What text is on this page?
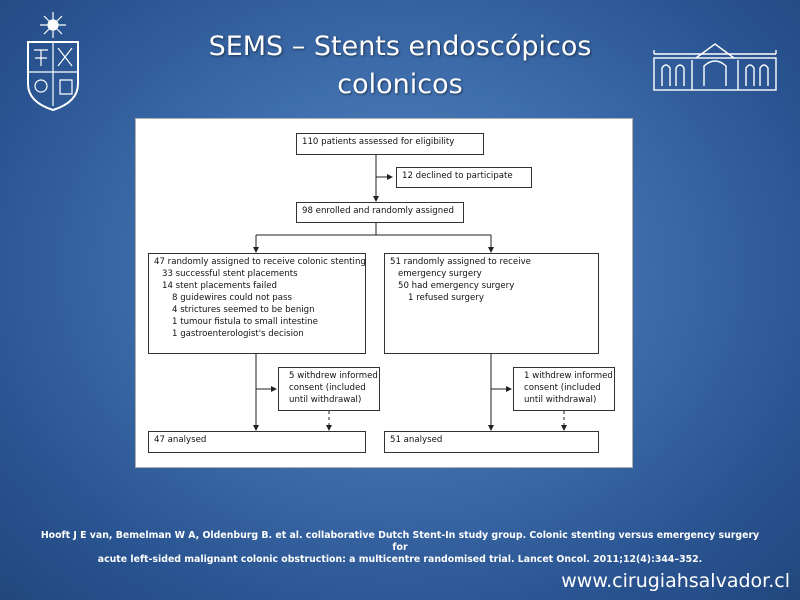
SEMS – Stents endoscópicos
colonicos
110 patients assessed for eligibility
12 declined to participate
98 enrolled and randomly assigned
47 randomly assigned to receive colonic stenting
33 successful stent placements
14 stent placements failed
8 guidewires could not pass
4 strictures seemed to be benign
1 tumour fistula to small intestine
1 gastroenterologist's decision
51 randomly assigned to receive
emergency surgery
50 had emergency surgery
1 refused surgery
5 withdrew informed
consent (included
until withdrawal)
1 withdrew informed
consent (included
until withdrawal)
47 analysed	51 analysed
Hooft J E van, Bemelman W A, Oldenburg B. et al. collaborative Dutch Stent-In study group. Colonic stenting versus emergency surgery for
acute left-sided malignant colonic obstruction: a multicentre randomised trial. Lancet Oncol. 2011;12(4):344–352.
www.cirugiahsalvador.cl
